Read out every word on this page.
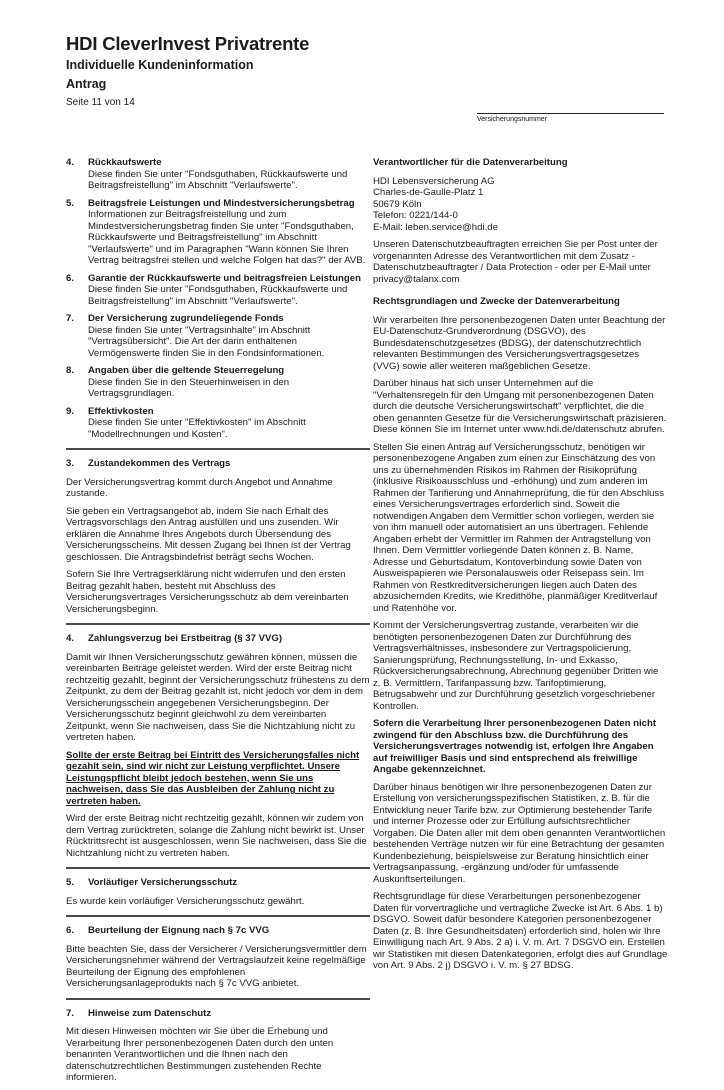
HDI CleverInvest Privatrente
Individuelle Kundeninformation
Antrag
Seite 11 von 14
Versicherungsnummer
4.	Rückkaufswerte
Diese finden Sie unter "Fondsguthaben, Rückkaufswerte und Beitragsfreistellung" im Abschnitt "Verlaufswerte".
5.	Beitragsfreie Leistungen und Mindestversicherungsbetrag
Informationen zur Beitragsfreistellung und zum Mindestversicherungsbetrag finden Sie unter "Fondsguthaben, Rückkaufswerte und Beitragsfreistellung" im Abschnitt "Verlaufswerte" und im Paragraphen "Wann können Sie Ihren Vertrag beitragsfrei stellen und welche Folgen hat das?" der AVB.
6.	Garantie der Rückkaufswerte und beitragsfreien Leistungen
Diese finden Sie unter "Fondsguthaben, Rückkaufswerte und Beitragsfreistellung" im Abschnitt "Verlaufswerte".
7.	Der Versicherung zugrundeliegende Fonds
Diese finden Sie unter "Vertragsinhalte" im Abschnitt "Vertragsübersicht". Die Art der darin enthaltenen Vermögenswerte finden Sie in den Fondsinformationen.
8.	Angaben über die geltende Steuerregelung
Diese finden Sie in den Steuerhinweisen in den Vertragsgrundlagen.
9.	Effektivkosten
Diese finden Sie unter "Effektivkosten" im Abschnitt "Modellrechnungen und Kosten".
3.	Zustandekommen des Vertrags
Der Versicherungsvertrag kommt durch Angebot und Annahme zustande.
Sie geben ein Vertragsangebot ab, indem Sie nach Erhalt des Vertragsvorschlags den Antrag ausfüllen und uns zusenden. Wir erklären die Annahme Ihres Angebots durch Übersendung des Versicherungsscheins. Mit dessen Zugang bei Ihnen ist der Vertrag geschlossen. Die Antragsbindefrist beträgt sechs Wochen.
Sofern Sie Ihre Vertragserklärung nicht widerrufen und den ersten Beitrag gezahlt haben, besteht mit Abschluss des Versicherungsvertrages Versicherungsschutz ab dem vereinbarten Versicherungsbeginn.
4.	Zahlungsverzug bei Erstbeitrag (§ 37 VVG)
Damit wir Ihnen Versicherungsschutz gewähren können, müssen die vereinbarten Beiträge geleistet werden. Wird der erste Beitrag nicht rechtzeitig gezahlt, beginnt der Versicherungsschutz frühestens zu dem Zeitpunkt, zu dem der Beitrag gezahlt ist, nicht jedoch vor dem in dem Versicherungsschein angegebenen Versicherungsbeginn. Der Versicherungsschutz beginnt gleichwohl zu dem vereinbarten Zeitpunkt, wenn Sie nachweisen, dass Sie die Nichtzahlung nicht zu vertreten haben.
Sollte der erste Beitrag bei Eintritt des Versicherungsfalles nicht gezahlt sein, sind wir nicht zur Leistung verpflichtet. Unsere Leistungspflicht bleibt jedoch bestehen, wenn Sie uns nachweisen, dass Sie das Ausbleiben der Zahlung nicht zu vertreten haben.
Wird der erste Beitrag nicht rechtzeitig gezahlt, können wir zudem von dem Vertrag zurücktreten, solange die Zahlung nicht bewirkt ist. Unser Rücktrittsrecht ist ausgeschlossen, wenn Sie nachweisen, dass Sie die Nichtzahlung nicht zu vertreten haben.
5.	Vorläufiger Versicherungsschutz
Es wurde kein vorläufiger Versicherungsschutz gewährt.
6.	Beurteilung der Eignung nach § 7c VVG
Bitte beachten Sie, dass der Versicherer / Versicherungsvermittler dem Versicherungsnehmer während der Vertragslaufzeit keine regelmäßige Beurteilung der Eignung des empfohlenen Versicherungsanlageprodukts nach § 7c VVG anbietet.
7.	Hinweise zum Datenschutz
Mit diesen Hinweisen möchten wir Sie über die Erhebung und Verarbeitung Ihrer personenbezogenen Daten durch den unten benannten Verantwortlichen und die Ihnen nach den datenschutzrechtlichen Bestimmungen zustehenden Rechte informieren.
Verantwortlicher für die Datenverarbeitung
HDI Lebensversicherung AG
Charles-de-Gaulle-Platz 1
50679 Köln
Telefon: 0221/144-0
E-Mail: leben.service@hdi.de
Unseren Datenschutzbeauftragten erreichen Sie per Post unter der vorgenannten Adresse des Verantwortlichen mit dem Zusatz - Datenschutzbeauftragter / Data Protection - oder per E-Mail unter privacy@talanx.com
Rechtsgrundlagen und Zwecke der Datenverarbeitung
Wir verarbeiten Ihre personenbezogenen Daten unter Beachtung der EU-Datenschutz-Grundverordnung (DSGVO), des Bundesdatenschutzgesetzes (BDSG), der datenschutzrechtlich relevanten Bestimmungen des Versicherungsvertragsgesetzes (VVG) sowie aller weiteren maßgeblichen Gesetze.
Darüber hinaus hat sich unser Unternehmen auf die "Verhaltensregeln für den Umgang mit personenbezogenen Daten durch die deutsche Versicherungswirtschaft" verpflichtet, die die oben genannten Gesetze für die Versicherungswirtschaft präzisieren. Diese können Sie im Internet unter www.hdi.de/datenschutz abrufen.
Stellen Sie einen Antrag auf Versicherungsschutz, benötigen wir personenbezogene Angaben zum einen zur Einschätzung des von uns zu übernehmenden Risikos im Rahmen der Risikoprüfung (inklusive Risikoausschluss und -erhöhung) und zum anderen im Rahmen der Tarifierung und Annahmeprüfung, die für den Abschluss eines Versicherungsvertrages erforderlich sind. Soweit die notwendigen Angaben dem Vermittler schon vorliegen, werden sie von ihm manuell oder automatisiert an uns übertragen. Fehlende Angaben erhebt der Vermittler im Rahmen der Antragstellung von Ihnen. Dem Vermittler vorliegende Daten können z. B. Name, Adresse und Geburtsdatum, Kontoverbindung sowie Daten von Ausweispapieren wie Personalausweis oder Reisepass sein. Im Rahmen von Restkreditversicherungen liegen auch Daten des abzusichernden Kredits, wie Kredithöhe, planmäßiger Kreditverlauf und Ratenhöhe vor.
Kommt der Versicherungsvertrag zustande, verarbeiten wir die benötigten personenbezogenen Daten zur Durchführung des Vertragsverhältnisses, insbesondere zur Vertragspolicierung, Sanierungsprüfung, Rechnungsstellung, In- und Exkasso, Rückversicherungsabrechnung, Abrechnung gegenüber Dritten wie z. B. Vermittlern, Tarifanpassung bzw. Tarifoptimierung, Betrugsabwehr und zur Durchführung gesetzlich vorgeschriebener Kontrollen.
Sofern die Verarbeitung Ihrer personenbezogenen Daten nicht zwingend für den Abschluss bzw. die Durchführung des Versicherungsvertrages notwendig ist, erfolgen Ihre Angaben auf freiwilliger Basis und sind entsprechend als freiwillige Angabe gekennzeichnet.
Darüber hinaus benötigen wir Ihre personenbezogenen Daten zur Erstellung von versicherungsspezifischen Statistiken, z. B. für die Entwicklung neuer Tarife bzw. zur Optimierung bestehender Tarife und interner Prozesse oder zur Erfüllung aufsichtsrechtlicher Vorgaben. Die Daten aller mit dem oben genannten Verantwortlichen bestehenden Verträge nutzen wir für eine Betrachtung der gesamten Kundenbeziehung, beispielsweise zur Beratung hinsichtlich einer Vertragsanpassung, -ergänzung und/oder für umfassende Auskunftserteilungen.
Rechtsgrundlage für diese Verarbeitungen personenbezogener Daten für vorvertragliche und vertragliche Zwecke ist Art. 6 Abs. 1 b) DSGVO. Soweit dafür besondere Kategorien personenbezogener Daten (z. B. Ihre Gesundheitsdaten) erforderlich sind, holen wir Ihre Einwilligung nach Art. 9 Abs. 2 a) i. V. m. Art. 7 DSGVO ein. Erstellen wir Statistiken mit diesen Datenkategorien, erfolgt dies auf Grundlage von Art. 9 Abs. 2 j) DSGVO i. V. m. § 27 BDSG.
